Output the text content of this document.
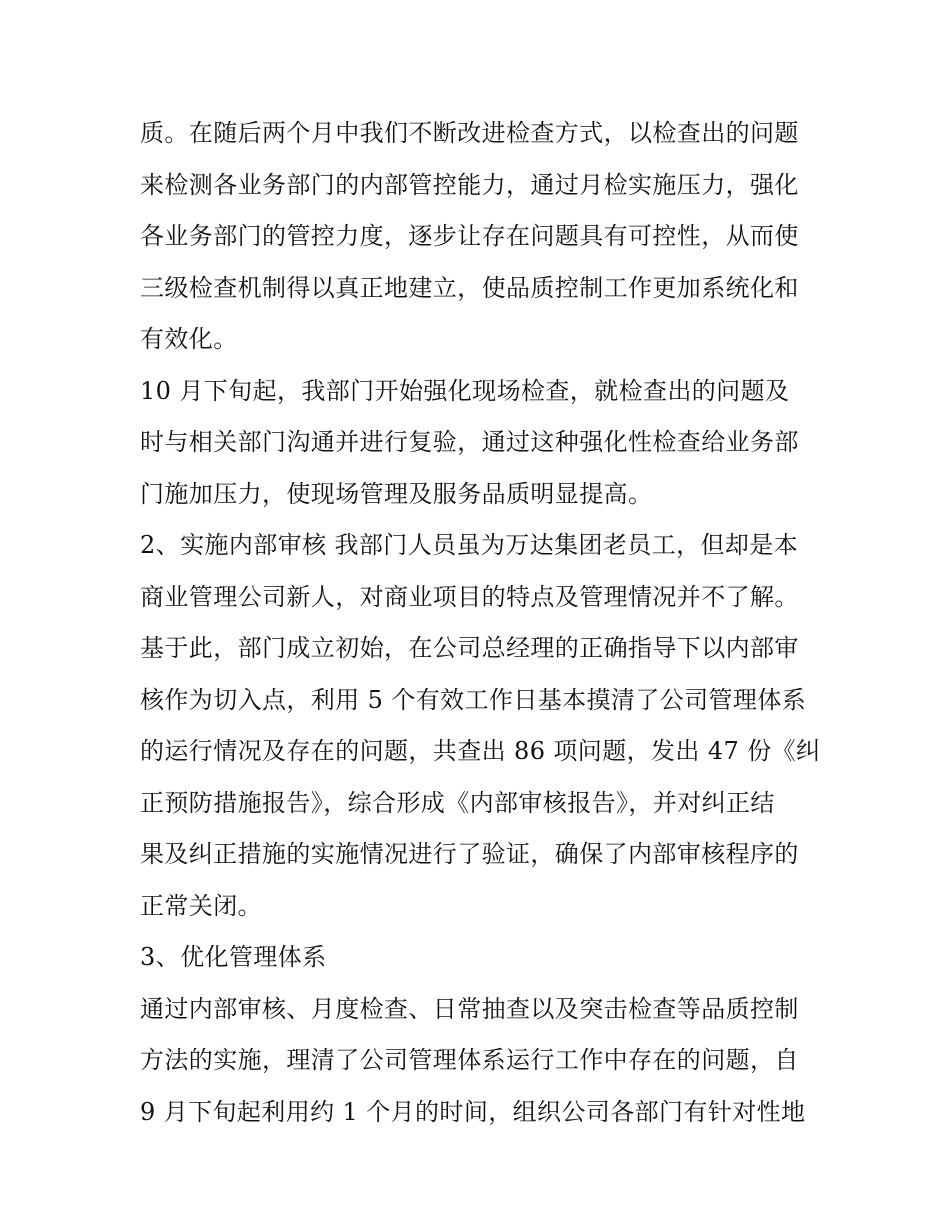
质。在随后两个月中我们不断改进检查方式，以检查出的问题
来检测各业务部门的内部管控能力，通过月检实施压力，强化
各业务部门的管控力度，逐步让存在问题具有可控性，从而使
三级检查机制得以真正地建立，使品质控制工作更加系统化和
有效化。
10 月下旬起，我部门开始强化现场检查，就检查出的问题及
时与相关部门沟通并进行复验，通过这种强化性检查给业务部
门施加压力，使现场管理及服务品质明显提高。
2、实施内部审核 我部门人员虽为万达集团老员工，但却是本
商业管理公司新人，对商业项目的特点及管理情况并不了解。
基于此，部门成立初始，在公司总经理的正确指导下以内部审
核作为切入点，利用 5 个有效工作日基本摸清了公司管理体系
的运行情况及存在的问题，共查出 86 项问题，发出 47 份《纠
正预防措施报告》，综合形成《内部审核报告》，并对纠正结
果及纠正措施的实施情况进行了验证，确保了内部审核程序的
正常关闭。
3、优化管理体系
通过内部审核、月度检查、日常抽查以及突击检查等品质控制
方法的实施，理清了公司管理体系运行工作中存在的问题，自
9 月下旬起利用约 1 个月的时间，组织公司各部门有针对性地
